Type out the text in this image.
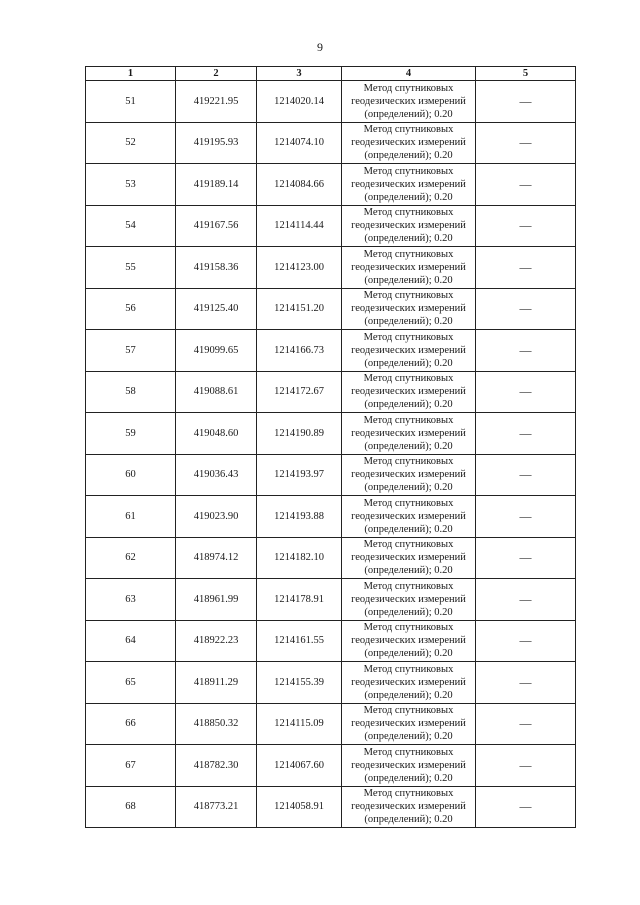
9
1	2	3	4	5

51	419221.95	1214020.14	Метод спутниковых
геодезических измерений
(определений); 0.20	—

52	419195.93	1214074.10	Метод спутниковых
геодезических измерений
(определений); 0.20	—

53	419189.14	1214084.66	Метод спутниковых
геодезических измерений
(определений); 0.20	—

54	419167.56	1214114.44	Метод спутниковых
геодезических измерений
(определений); 0.20	—

55	419158.36	1214123.00	Метод спутниковых
геодезических измерений
(определений); 0.20	—

56	419125.40	1214151.20	Метод спутниковых
геодезических измерений
(определений); 0.20	—

57	419099.65	1214166.73	Метод спутниковых
геодезических измерений
(определений); 0.20	—

58	419088.61	1214172.67	Метод спутниковых
геодезических измерений
(определений); 0.20	—

59	419048.60	1214190.89	Метод спутниковых
геодезических измерений
(определений); 0.20	—

60	419036.43	1214193.97	Метод спутниковых
геодезических измерений
(определений); 0.20	—

61	419023.90	1214193.88	Метод спутниковых
геодезических измерений
(определений); 0.20	—

62	418974.12	1214182.10	Метод спутниковых
геодезических измерений
(определений); 0.20	—

63	418961.99	1214178.91	Метод спутниковых
геодезических измерений
(определений); 0.20	—

64	418922.23	1214161.55	Метод спутниковых
геодезических измерений
(определений); 0.20	—

65	418911.29	1214155.39	Метод спутниковых
геодезических измерений
(определений); 0.20	—

66	418850.32	1214115.09	Метод спутниковых
геодезических измерений
(определений); 0.20	—

67	418782.30	1214067.60	Метод спутниковых
геодезических измерений
(определений); 0.20	—

68	418773.21	1214058.91	Метод спутниковых
геодезических измерений
(определений); 0.20	—
